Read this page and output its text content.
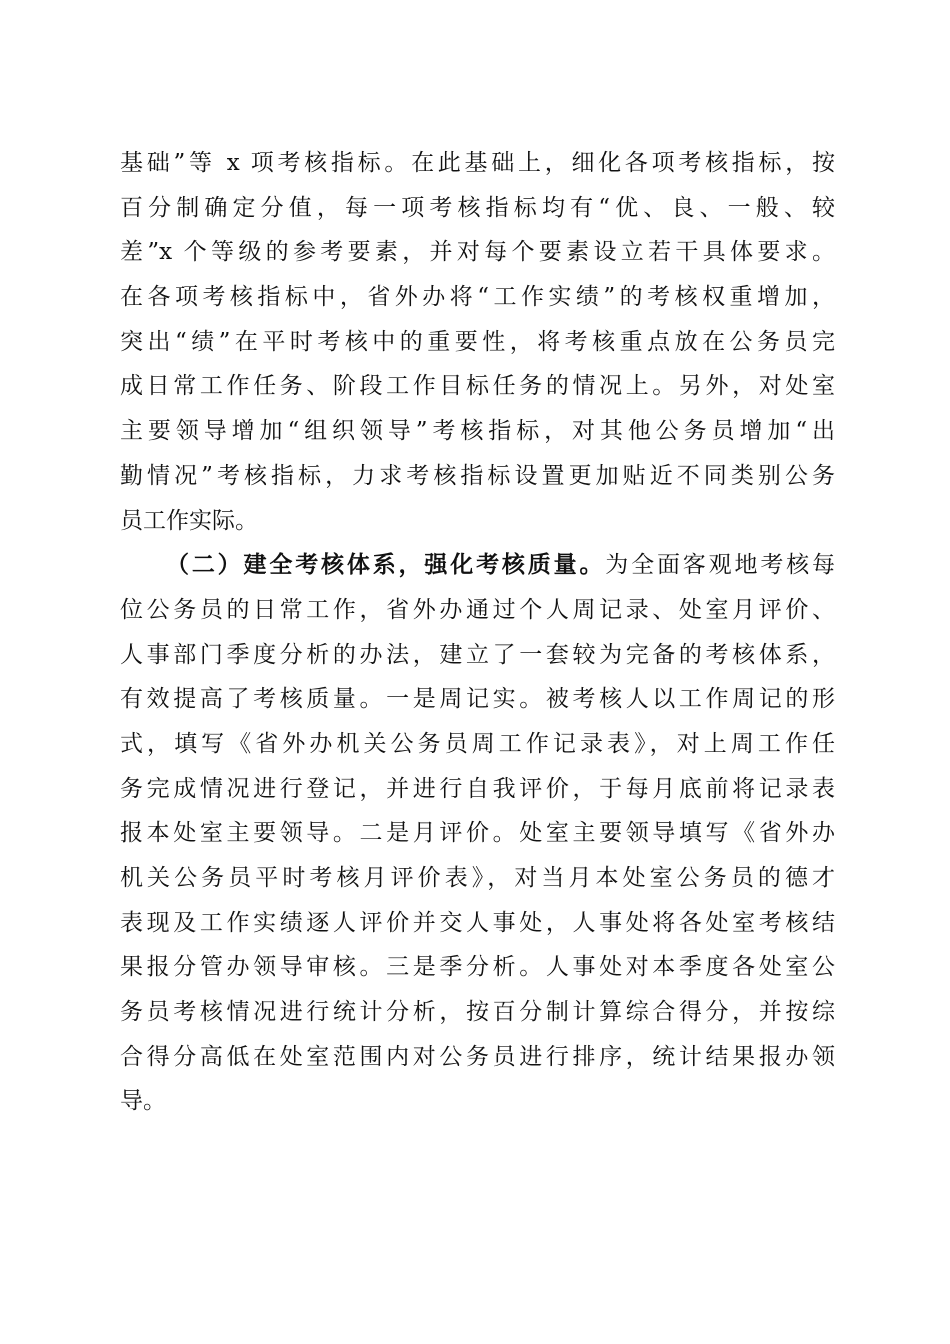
基础”等 x 项考核指标。在此基础上，细化各项考核指标，按
百分制确定分值，每一项考核指标均有“优、良、一般、较
差”x 个等级的参考要素，并对每个要素设立若干具体要求。
在各项考核指标中，省外办将“工作实绩”的考核权重增加，
突出“绩”在平时考核中的重要性，将考核重点放在公务员完
成日常工作任务、阶段工作目标任务的情况上。另外，对处室
主要领导增加“组织领导”考核指标，对其他公务员增加“出
勤情况”考核指标，力求考核指标设置更加贴近不同类别公务
员工作实际。
（二）建全考核体系，强化考核质量。为全面客观地考核每
位公务员的日常工作，省外办通过个人周记录、处室月评价、
人事部门季度分析的办法，建立了一套较为完备的考核体系，
有效提高了考核质量。一是周记实。被考核人以工作周记的形
式，填写《省外办机关公务员周工作记录表》，对上周工作任
务完成情况进行登记，并进行自我评价，于每月底前将记录表
报本处室主要领导。二是月评价。处室主要领导填写《省外办
机关公务员平时考核月评价表》，对当月本处室公务员的德才
表现及工作实绩逐人评价并交人事处，人事处将各处室考核结
果报分管办领导审核。三是季分析。人事处对本季度各处室公
务员考核情况进行统计分析，按百分制计算综合得分，并按综
合得分高低在处室范围内对公务员进行排序，统计结果报办领
导。
